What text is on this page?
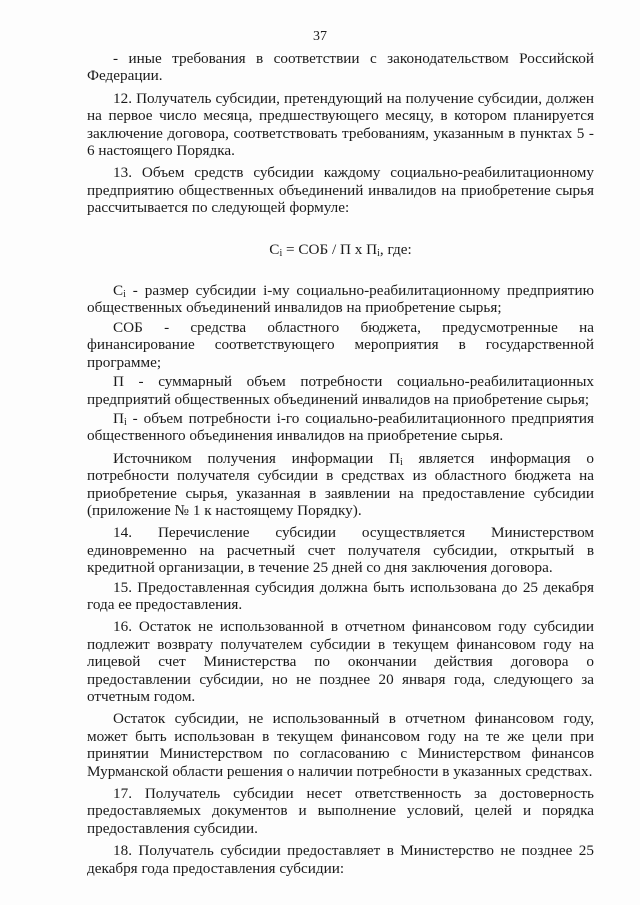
37

- иные требования в соответствии с законодательством Российской Федерации.

12. Получатель субсидии, претендующий на получение субсидии, должен на первое число месяца, предшествующего месяцу, в котором планируется заключение договора, соответствовать требованиям, указанным в пунктах 5 - 6 настоящего Порядка.

13. Объем средств субсидии каждому социально-реабилитационному предприятию общественных объединений инвалидов на приобретение сырья рассчитывается по следующей формуле:

$С_i$ = СОБ / П х $П_i$, где:

$С_i$ - размер субсидии i-му социально-реабилитационному предприятию общественных объединений инвалидов на приобретение сырья;

СОБ - средства областного бюджета, предусмотренные на финансирование соответствующего мероприятия в государственной программе;

П - суммарный объем потребности социально-реабилитационных предприятий общественных объединений инвалидов на приобретение сырья;

$П_i$ - объем потребности i-го социально-реабилитационного предприятия общественного объединения инвалидов на приобретение сырья.

Источником получения информации $П_i$ является информация о потребности получателя субсидии в средствах из областного бюджета на приобретение сырья, указанная в заявлении на предоставление субсидии (приложение № 1 к настоящему Порядку).

14. Перечисление субсидии осуществляется Министерством единовременно на расчетный счет получателя субсидии, открытый в кредитной организации, в течение 25 дней со дня заключения договора.

15. Предоставленная субсидия должна быть использована до 25 декабря года ее предоставления.

16. Остаток не использованной в отчетном финансовом году субсидии подлежит возврату получателем субсидии в текущем финансовом году на лицевой счет Министерства по окончании действия договора о предоставлении субсидии, но не позднее 20 января года, следующего за отчетным годом.

Остаток субсидии, не использованный в отчетном финансовом году, может быть использован в текущем финансовом году на те же цели при принятии Министерством по согласованию с Министерством финансов Мурманской области решения о наличии потребности в указанных средствах.

17. Получатель субсидии несет ответственность за достоверность предоставляемых документов и выполнение условий, целей и порядка предоставления субсидии.

18. Получатель субсидии предоставляет в Министерство не позднее 25 декабря года предоставления субсидии:
